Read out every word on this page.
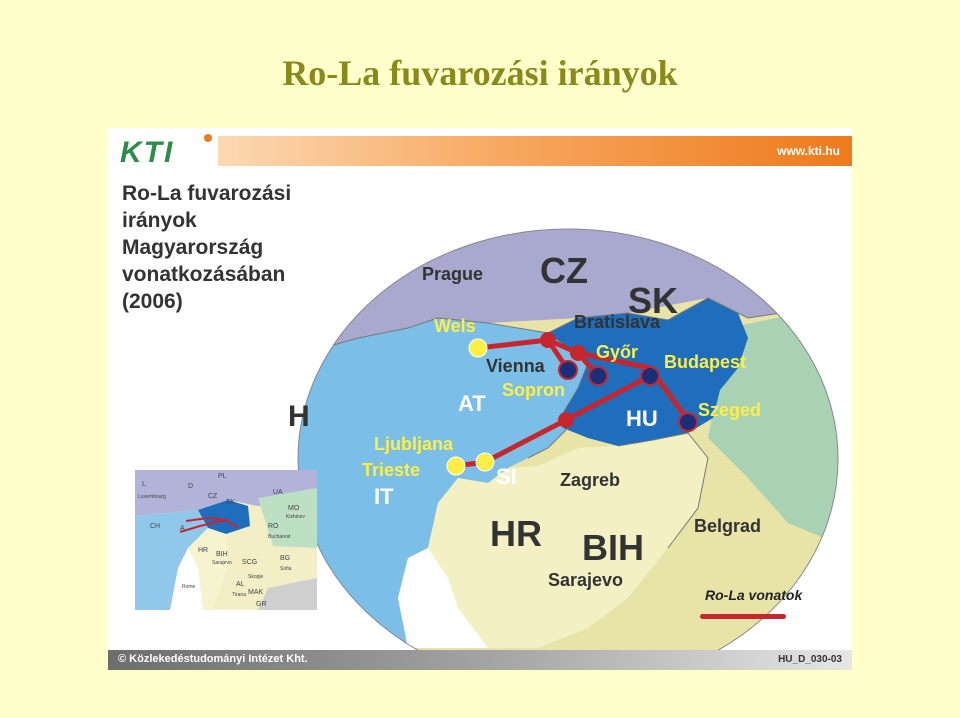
Ro-La fuvarozási irányok
KTI	www.kti.hu
CZ
SK
AT
HU
SI
IT
HR BIH
H
Prague
Bratislava
Vienna
Wels
Győr
Sopron
Budapest
Szeged
Ljubljana
Trieste	Zagreb
Belgrad
Sarajevo
PL
CZ
SK
UA
MO
RO
BG
SCG
BIH
HR
AL
MAK
GR
CH	A
D
L
Luxembourg
Kishinev
Bucharest
Sofia
Skopje
Tirana
Sarajevo
Rome
Ro-La fuvarozási
irányok
Magyarország
vonatkozásában
(2006)
Ro-La vonatok
© Közlekedéstudományi Intézet Kht.	HU_D_030-03
